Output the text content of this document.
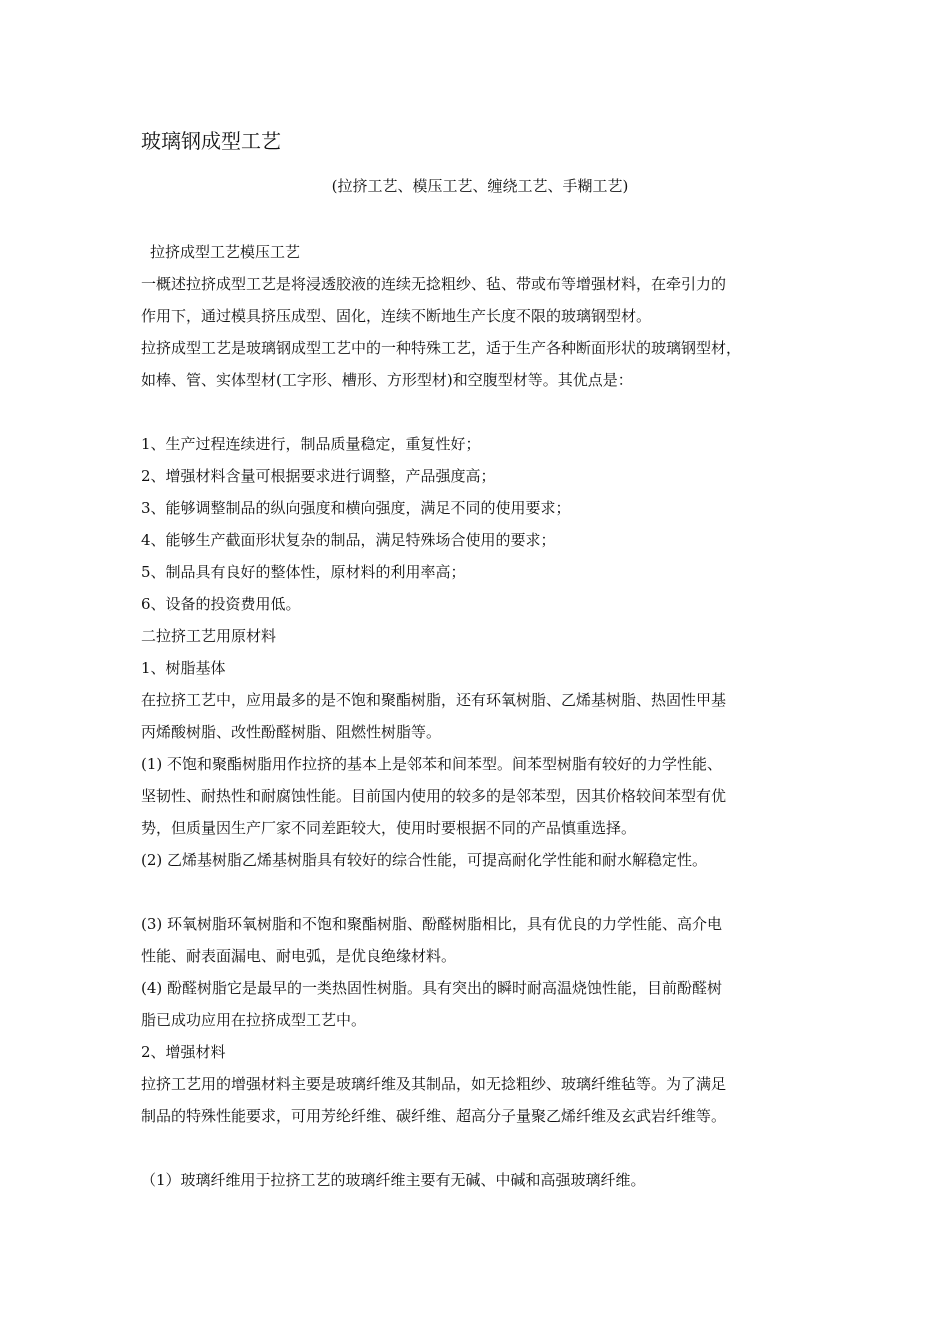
玻璃钢成型工艺
(拉挤工艺、模压工艺、缠绕工艺、手糊工艺)
拉挤成型工艺模压工艺
一概述拉挤成型工艺是将浸透胶液的连续无捻粗纱、毡、带或布等增强材料，在牵引力的
作用下，通过模具挤压成型、固化，连续不断地生产长度不限的玻璃钢型材。
拉挤成型工艺是玻璃钢成型工艺中的一种特殊工艺，适于生产各种断面形状的玻璃钢型材，
如棒、管、实体型材(工字形、槽形、方形型材)和空腹型材等。其优点是：
1、生产过程连续进行，制品质量稳定，重复性好；
2、增强材料含量可根据要求进行调整，产品强度高；
3、能够调整制品的纵向强度和横向强度，满足不同的使用要求；
4、能够生产截面形状复杂的制品，满足特殊场合使用的要求；
5、制品具有良好的整体性，原材料的利用率高；
6、设备的投资费用低。
二拉挤工艺用原材料
1、树脂基体
在拉挤工艺中，应用最多的是不饱和聚酯树脂，还有环氧树脂、乙烯基树脂、热固性甲基
丙烯酸树脂、改性酚醛树脂、阻燃性树脂等。
(1) 不饱和聚酯树脂用作拉挤的基本上是邻苯和间苯型。间苯型树脂有较好的力学性能、
坚韧性、耐热性和耐腐蚀性能。目前国内使用的较多的是邻苯型，因其价格较间苯型有优
势，但质量因生产厂家不同差距较大，使用时要根据不同的产品慎重选择。
(2) 乙烯基树脂乙烯基树脂具有较好的综合性能，可提高耐化学性能和耐水解稳定性。
(3) 环氧树脂环氧树脂和不饱和聚酯树脂、酚醛树脂相比，具有优良的力学性能、高介电
性能、耐表面漏电、耐电弧，是优良绝缘材料。
(4) 酚醛树脂它是最早的一类热固性树脂。具有突出的瞬时耐高温烧蚀性能，目前酚醛树
脂已成功应用在拉挤成型工艺中。
2、增强材料
拉挤工艺用的增强材料主要是玻璃纤维及其制品，如无捻粗纱、玻璃纤维毡等。为了满足
制品的特殊性能要求，可用芳纶纤维、碳纤维、超高分子量聚乙烯纤维及玄武岩纤维等。
（1）玻璃纤维用于拉挤工艺的玻璃纤维主要有无碱、中碱和高强玻璃纤维。
